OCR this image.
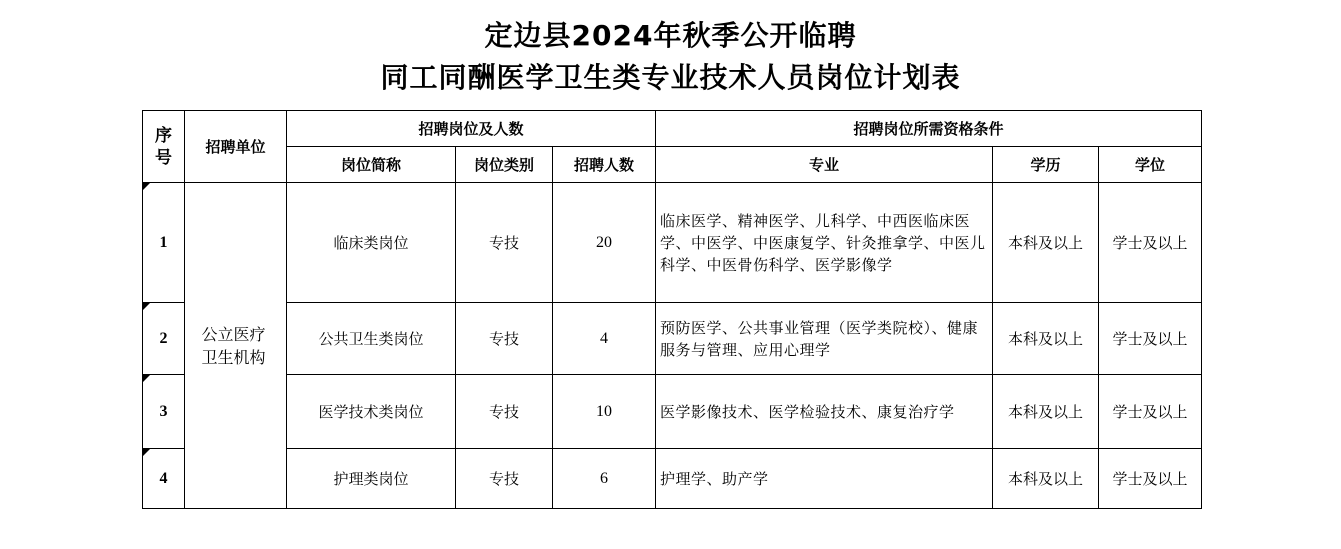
定边县2024年秋季公开临聘
同工同酬医学卫生类专业技术人员岗位计划表
序号	招聘单位	招聘岗位及人数			招聘岗位所需资格条件		
		岗位简称	岗位类别	招聘人数	专业	学历	学位
1	公立医疗卫生机构	临床类岗位	专技	20	临床医学、精神医学、儿科学、中西医临床医学、中医学、中医康复学、针灸推拿学、中医儿科学、中医骨伤科学、医学影像学	本科及以上	学士及以上
2		公共卫生类岗位	专技	4	预防医学、公共事业管理（医学类院校）、健康服务与管理、应用心理学	本科及以上	学士及以上
3		医学技术类岗位	专技	10	医学影像技术、医学检验技术、康复治疗学	本科及以上	学士及以上
4		护理类岗位	专技	6	护理学、助产学	本科及以上	学士及以上
